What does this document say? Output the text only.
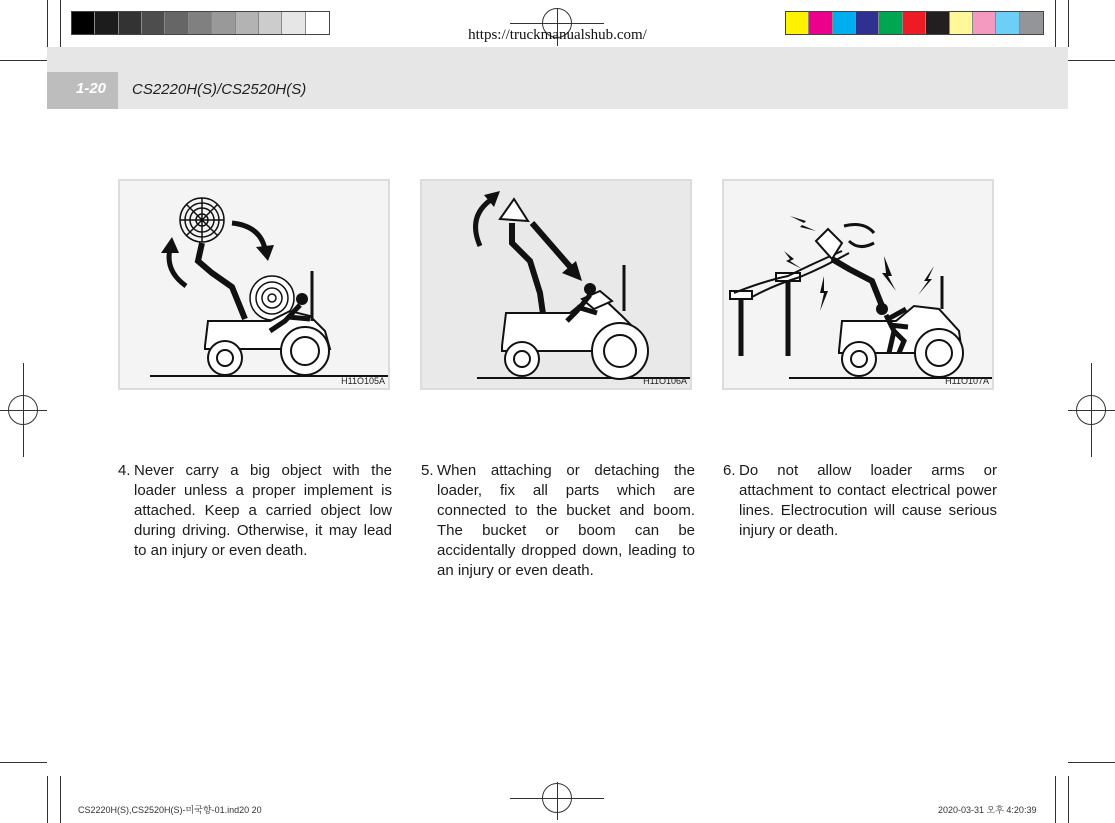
https://truckmanualshub.com/
1-20 CS2220H(S)/CS2520H(S)
H11O105A	H11O106A	H11O107A
4. Never carry a big object with the loader unless a proper implement is attached. Keep a carried object low during driving. Otherwise, it may lead to an injury or even death.
5. When attaching or detaching the loader, fix all parts which are connected to the bucket and boom. The bucket or boom can be accidentally dropped down, leading to an injury or even death.
6. Do not allow loader arms or attachment to contact electrical power lines. Electrocution will cause serious injury or death.
CS2220H(S),CS2520H(S)-미국향-01.ind20 20	2020-03-31 오후 4:20:39
